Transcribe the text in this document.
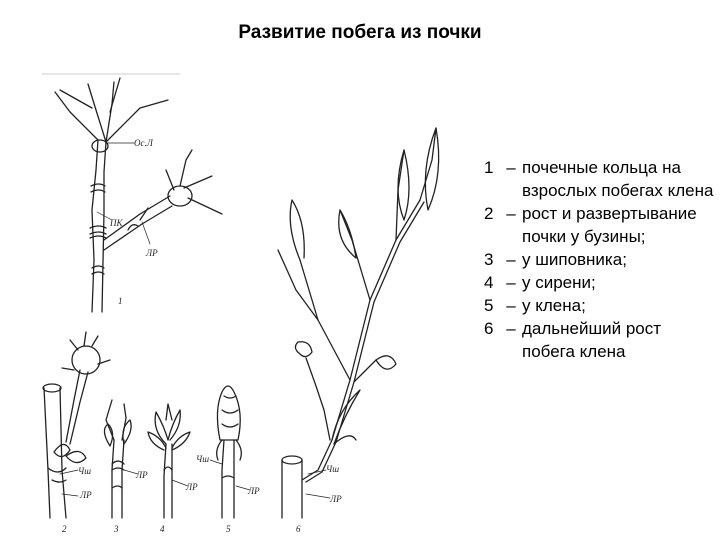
Развитие побега из почки
Ос.Л
ПК
ЛР
Чш
ЛР
ЛР
ЛР
Чш
ЛР
Чш
ЛР
1
2	3	4	5	6
1 – почечные кольца на взрослых побегах клена
2 – рост и развертывание почки у бузины;
3 – у шиповника;
4 – у сирени;
5 – у клена;
6 – дальнейший рост побега клена
